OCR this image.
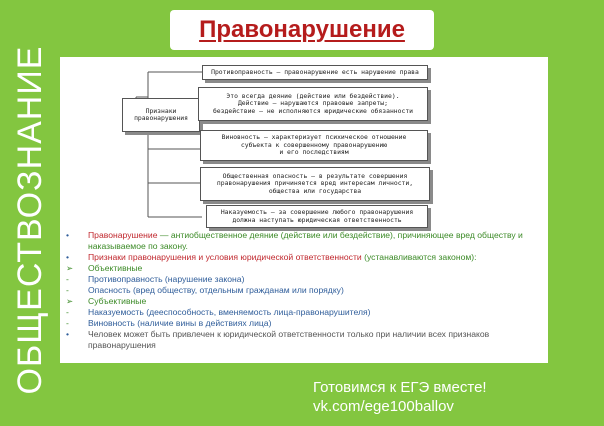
ОБЩЕСТВОЗНАНИЕ
Правонарушение
Признаки
правонарушения
Противоправность – правонарушение есть нарушение права
Это всегда деяние (действие или бездействие).
Действие – нарушаются правовые запреты;
бездействие – не исполняются юридические обязанности
Виновность – характеризует психическое отношение
субъекта к совершенному правонарушению
и его последствиям
Общественная опасность – в результате совершения
правонарушения причиняется вред интересам личности,
общества или государства
Наказуемость – за совершение любого правонарушения
должна наступать юридическая ответственность
•	Правонарушение — антиобщественное деяние (действие или бездействие), причиняющее вред обществу и наказываемое по закону.
•	Признаки правонарушения и условия юридической ответственности (устанавливаются законом):
➢	Объективные
-	Противоправность (нарушение закона)
-	Опасность (вред обществу, отдельным гражданам или порядку)
➢	Субъективные
-	Наказуемость (дееспособность, вменяемость лица-правонарушителя)
-	Виновность (наличие вины в действиях лица)
•	Человек может быть привлечен к юридической ответственности только при наличии всех признаков правонарушения
Готовимся к ЕГЭ вместе!
vk.com/ege100ballov
